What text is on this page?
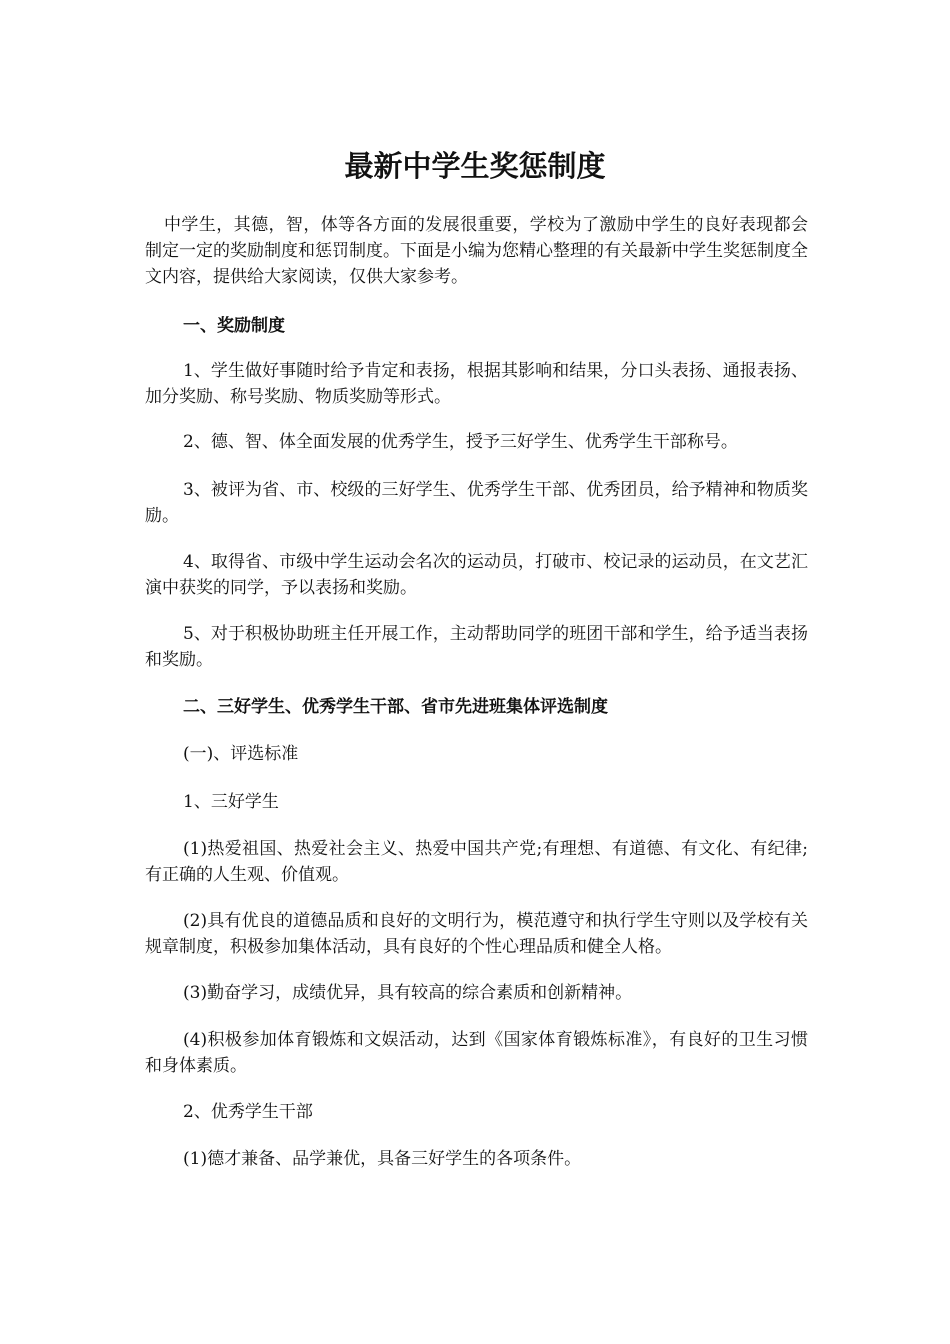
最新中学生奖惩制度

中学生，其德，智，体等各方面的发展很重要，学校为了激励中学生的良好表现都会制定一定的奖励制度和惩罚制度。下面是小编为您精心整理的有关最新中学生奖惩制度全文内容，提供给大家阅读，仅供大家参考。

一、奖励制度

1、学生做好事随时给予肯定和表扬，根据其影响和结果，分口头表扬、通报表扬、加分奖励、称号奖励、物质奖励等形式。

2、德、智、体全面发展的优秀学生，授予三好学生、优秀学生干部称号。

3、被评为省、市、校级的三好学生、优秀学生干部、优秀团员，给予精神和物质奖励。

4、取得省、市级中学生运动会名次的运动员，打破市、校记录的运动员，在文艺汇演中获奖的同学，予以表扬和奖励。

5、对于积极协助班主任开展工作，主动帮助同学的班团干部和学生，给予适当表扬和奖励。

二、三好学生、优秀学生干部、省市先进班集体评选制度

(一)、评选标准

1、三好学生

(1)热爱祖国、热爱社会主义、热爱中国共产党;有理想、有道德、有文化、有纪律;有正确的人生观、价值观。

(2)具有优良的道德品质和良好的文明行为，模范遵守和执行学生守则以及学校有关规章制度，积极参加集体活动，具有良好的个性心理品质和健全人格。

(3)勤奋学习，成绩优异，具有较高的综合素质和创新精神。

(4)积极参加体育锻炼和文娱活动，达到《国家体育锻炼标准》，有良好的卫生习惯和身体素质。

2、优秀学生干部

(1)德才兼备、品学兼优，具备三好学生的各项条件。
